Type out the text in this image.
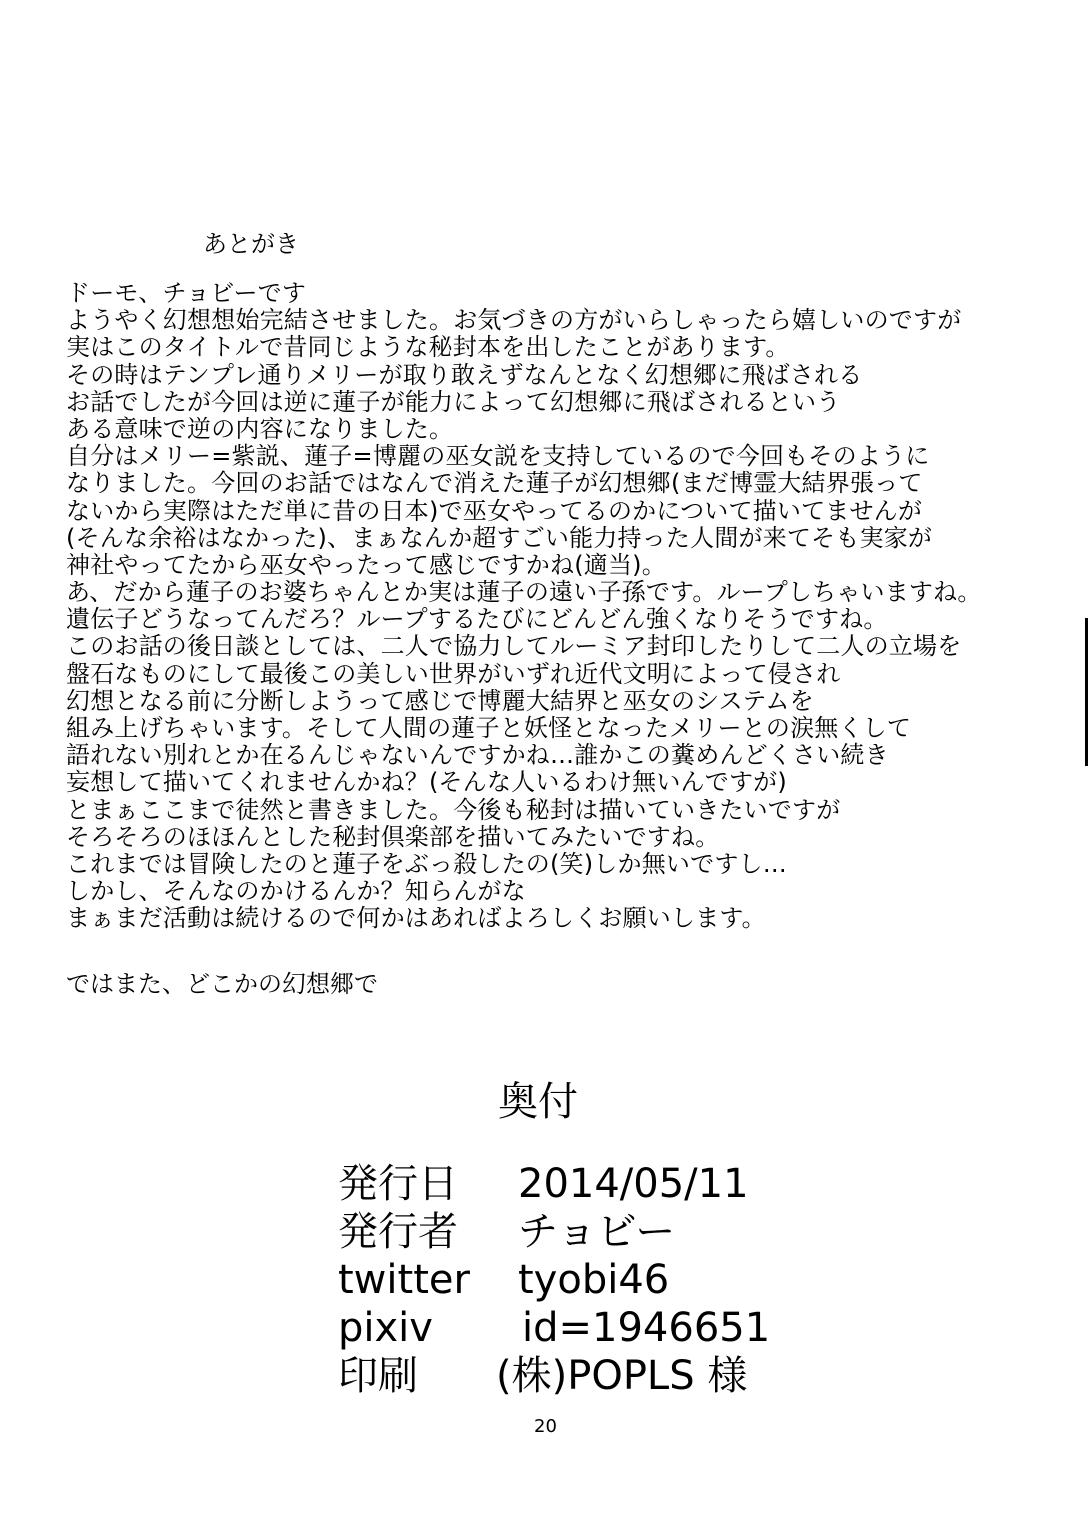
あとがき
ドーモ、チョビーです
ようやく幻想想始完結させました。お気づきの方がいらしゃったら嬉しいのですが
実はこのタイトルで昔同じような秘封本を出したことがあります。
その時はテンプレ通りメリーが取り敢えずなんとなく幻想郷に飛ばされる
お話でしたが今回は逆に蓮子が能力によって幻想郷に飛ばされるという
ある意味で逆の内容になりました。
自分はメリー=紫説、蓮子=博麗の巫女説を支持しているので今回もそのように
なりました。今回のお話ではなんで消えた蓮子が幻想郷(まだ博霊大結界張って
ないから実際はただ単に昔の日本)で巫女やってるのかについて描いてませんが
(そんな余裕はなかった)、まぁなんか超すごい能力持った人間が来てそも実家が
神社やってたから巫女やったって感じですかね(適当)。
あ、だから蓮子のお婆ちゃんとか実は蓮子の遠い子孫です。ループしちゃいますね。
遺伝子どうなってんだろ？ループするたびにどんどん強くなりそうですね。
このお話の後日談としては、二人で協力してルーミア封印したりして二人の立場を
盤石なものにして最後この美しい世界がいずれ近代文明によって侵され
幻想となる前に分断しようって感じで博麗大結界と巫女のシステムを
組み上げちゃいます。そして人間の蓮子と妖怪となったメリーとの涙無くして
語れない別れとか在るんじゃないんですかね…誰かこの糞めんどくさい続き
妄想して描いてくれませんかね？(そんな人いるわけ無いんですが)
とまぁここまで徒然と書きました。今後も秘封は描いていきたいですが
そろそろのほほんとした秘封倶楽部を描いてみたいですね。
これまでは冒険したのと蓮子をぶっ殺したの(笑)しか無いですし…
しかし、そんなのかけるんか？知らんがな
まぁまだ活動は続けるので何かはあればよろしくお願いします。
ではまた、どこかの幻想郷で
奥付
発行日 2014/05/11
発行者 チョビー
twitter tyobi46
pixiv id=1946651
印刷 (株)POPLS 様
20
